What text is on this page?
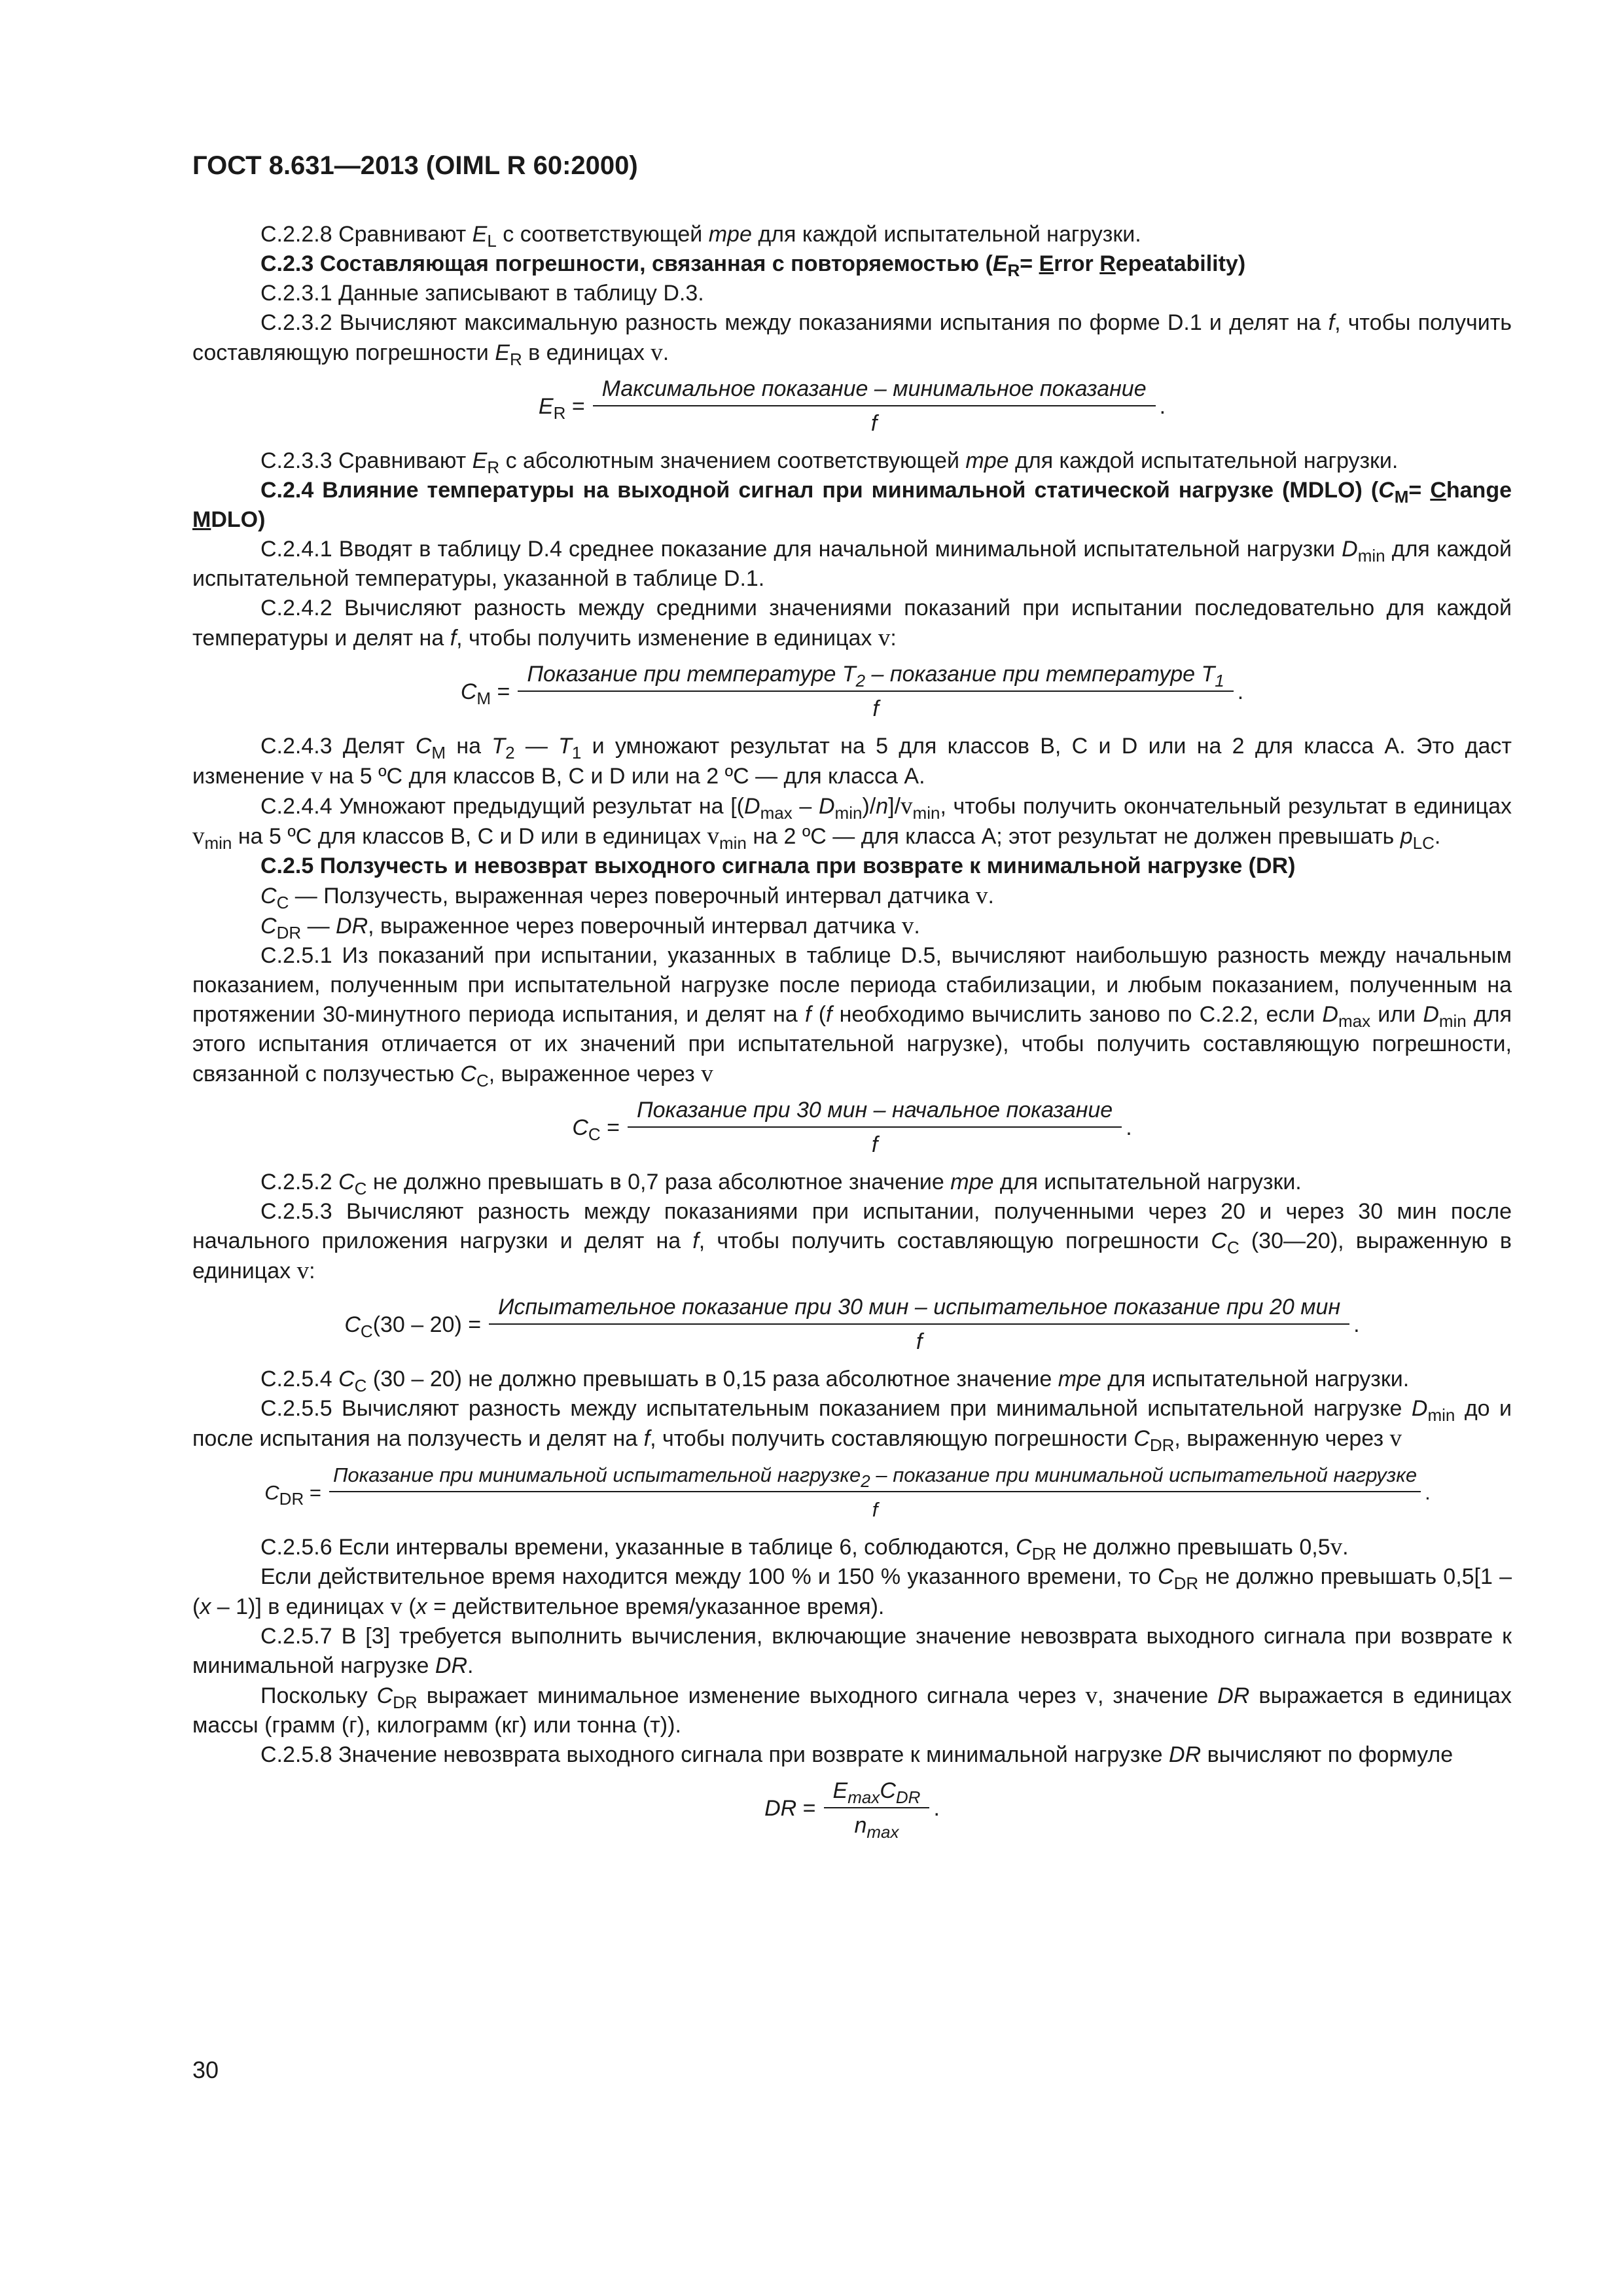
ГОСТ 8.631—2013 (OIML R 60:2000)
С.2.2.8 Сравнивают $E_L$ с соответствующей mpe для каждой испытательной нагрузки.
С.2.3 Составляющая погрешности, связанная с повторяемостью ($E_R=$ Error Repeatability)
С.2.3.1 Данные записывают в таблицу D.3.
С.2.3.2 Вычисляют максимальную разность между показаниями испытания по форме D.1 и делят на f, чтобы получить составляющую погрешности $E_R$ в единицах v.
$E_R = \frac{\text{Максимальное показание – минимальное показание}}{f}$ .
С.2.3.3 Сравнивают $E_R$ с абсолютным значением соответствующей mpe для каждой испытательной нагрузки.
С.2.4 Влияние температуры на выходной сигнал при минимальной статической нагрузке (MDLO) ($C_M=$ Change MDLO)
С.2.4.1 Вводят в таблицу D.4 среднее показание для начальной минимальной испытательной нагрузки $D_{min}$ для каждой испытательной температуры, указанной в таблице D.1.
С.2.4.2 Вычисляют разность между средними значениями показаний при испытании последовательно для каждой температуры и делят на f, чтобы получить изменение в единицах v:
$C_M = \frac{Показание при температуре T_2 - показание при температуре T_1}{f}$ .
С.2.4.3 Делят $C_M$ на $T_2$ — $T_1$ и умножают результат на 5 для классов В, С и D или на 2 для класса А. Это даст изменение v на 5 ºС для классов В, С и D или на 2 ºС — для класса А.
С.2.4.4 Умножают предыдущий результат на $[(D_{max} - D_{min})/n]/v_{min}$, чтобы получить окончательный результат в единицах $v_{min}$ на 5 ºС для классов В, С и D или в единицах $v_{min}$ на 2 ºС — для класса А; этот результат не должен превышать $p_{LC}$.
С.2.5 Ползучесть и невозврат выходного сигнала при возврате к минимальной нагрузке (DR)
$C_C$ — Ползучесть, выраженная через поверочный интервал датчика v.
$C_{DR}$ — DR, выраженное через поверочный интервал датчика v.
С.2.5.1 Из показаний при испытании, указанных в таблице D.5, вычисляют наибольшую разность между начальным показанием, полученным при испытательной нагрузке после периода стабилизации, и любым показанием, полученным на протяжении 30-минутного периода испытания, и делят на f (f необходимо вычислить заново по С.2.2, если $D_{max}$ или $D_{min}$ для этого испытания отличается от их значений при испытательной нагрузке), чтобы получить составляющую погрешности, связанной с ползучестью $C_C$, выраженное через v
$C_C = \frac{\text{Показание при 30 мин – начальное показание}}{f}$ .
С.2.5.2 $C_C$ не должно превышать в 0,7 раза абсолютное значение mpe для испытательной нагрузки.
С.2.5.3 Вычисляют разность между показаниями при испытании, полученными через 20 и через 30 мин после начального приложения нагрузки и делят на f, чтобы получить составляющую погрешности $C_C$ (30—20), выраженную в единицах v:
$C_C(30 - 20)$ =
Испытательное показание при 30 мин – испытательное показание при 20 мин
f
.
С.2.5.4 $C_C$ (30 – 20) не должно превышать в 0,15 раза абсолютное значение mpe для испытательной нагрузки.
С.2.5.5 Вычисляют разность между испытательным показанием при минимальной испытательной нагрузке $D_{min}$ до и после испытания на ползучесть и делят на f, чтобы получить составляющую погрешности $C_{DR}$, выраженную через v
$C_{DR}$ =
Показание при минимальной испытательной нагрузке$_2$ – показание при минимальной испытательной нагрузке
f
.
С.2.5.6 Если интервалы времени, указанные в таблице 6, соблюдаются, $C_{DR}$ не должно превышать 0,5v.
Если действительное время находится между 100 % и 150 % указанного времени, то $C_{DR}$ не должно превышать 0,5[1 – (x – 1)] в единицах v (x = действительное время/указанное время).
С.2.5.7 В [3] требуется выполнить вычисления, включающие значение невозврата выходного сигнала при возврате к минимальной нагрузке DR.
Поскольку $C_{DR}$ выражает минимальное изменение выходного сигнала через v, значение DR выражается в единицах массы (грамм (г), килограмм (кг) или тонна (т)).
С.2.5.8 Значение невозврата выходного сигнала при возврате к минимальной нагрузке DR вычисляют по формуле
DR = $\frac{E_{max}C_{DR}}{n_{max}}$ .
30
